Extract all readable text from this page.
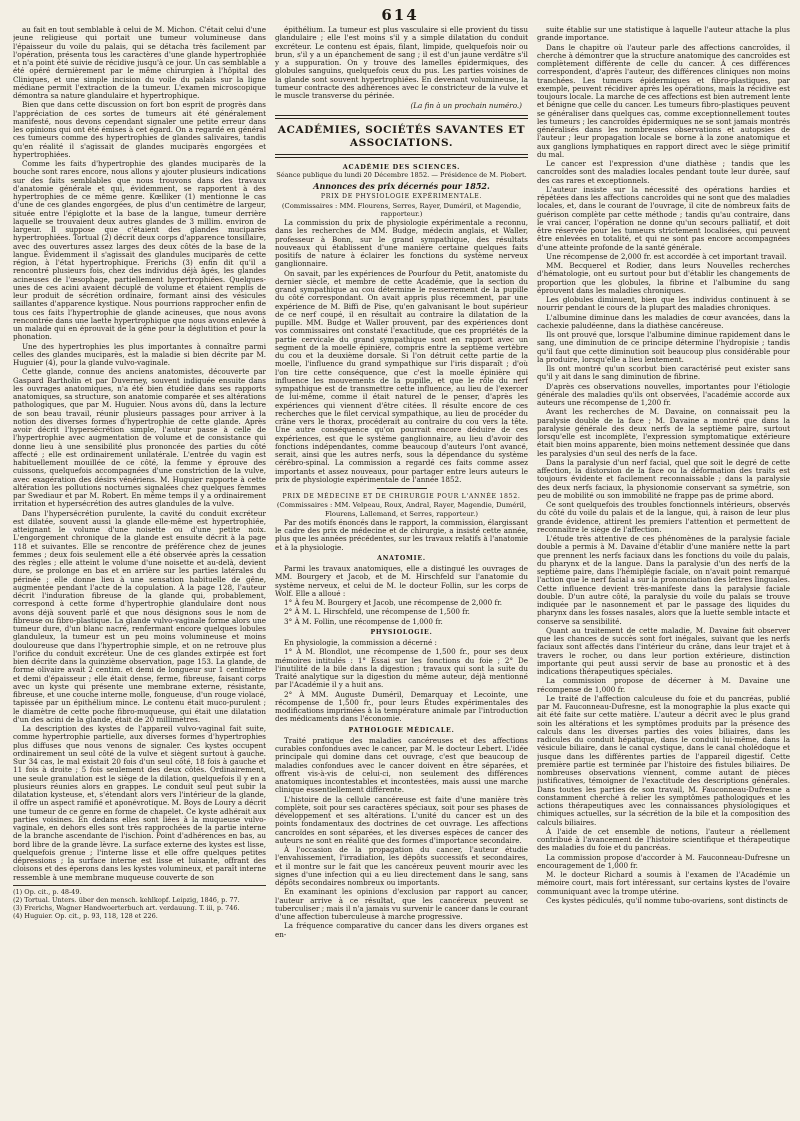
614

au fait en tout semblable à celui de M. Michon. C'était celui d'une jeune religieuse qui portait une tumeur volumineuse dans l'épaisseur du voile du palais, qui se détacha très facilement par l'opération, présenta tous les caractères d'une glande hypertrophiée et n'a point été suivie de récidive jusqu'à ce jour. Un cas semblable a été opéré dernièrement par le même chirurgien à l'hôpital des Cliniques, et une simple incision du voile du palais sur la ligne médiane permit l'extraction de la tumeur. L'examen microscopique démontra sa nature glandulaire et hypertrophique.

Bien que dans cette discussion on fort bon esprit de progrès dans l'appréciation de ces sortes de tumeurs ait été généralement manifesté, nous devons cependant signaler une petite erreur dans les opinions qui ont été émises à cet égard. On a regardé en général ces tumeurs comme des hypertrophies de glandes salivaires, tandis qu'en réalité il s'agissait de glandes muciparès engorgées et hypertrophiées.

Comme les faits d'hypertrophie des glandes muciparès de la bouche sont rares encore, nous allons y ajouter plusieurs indications sur des faits semblables que nous trouvons dans des travaux d'anatomie générale et qui, évidemment, se rapportent à des hypertrophies de ce même genre. Kœlliker (1) mentionne le cas d'une de ces glandes engorgées, de plus d'un centimètre de largeur, située entre l'épiglotte et la base de la langue, tumeur derrière laquelle se trouvaient deux autres glandes de 3 millim. environ de largeur. Il suppose que c'étaient des glandes muciparès hypertrophiées. Tortual (2) décrit deux corps d'apparence tonsillaire, avec des ouvertures assez larges des deux côtés de la base de la langue. Évidemment il s'agissait des glandules muciparès de cette région, à l'état hypertrophique. Frerichs (3) enfin dit qu'il a rencontré plusieurs fois, chez des individus déjà âgés, les glandes acineuses de l'œsophage, partiellement hypertrophiées. Quelques-unes de ces acini avaient décuplé de volume et étaient remplis de leur produit de sécrétion ordinaire, formant ainsi des vésicules saillantes d'apparence kystique. Nous pourrions rapprocher enfin de tous ces faits l'hypertrophie de glande acineuses, que nous avons rencontrée dans une laette hypertrophique que nous avons enlevée à un malade qui en éprouvait de la gêne pour la déglutition et pour la phonation.

Une des hypertrophies les plus importantes à connaître parmi celles des glandes muciparès, est la maladie si bien décrite par M. Huguier (4), pour la glande vulvo-vaginale.

Cette glande, connue des anciens anatomistes, découverte par Gaspard Bartholin et par Duverney, souvent indiquée ensuite dans les ouvrages anatomiques, n'a été bien étudiée dans ses rapports anatomiques, sa structure, son anatomie comparée et ses altérations pathologiques, que par M. Huguier. Nous avons dû, dans la lecture de son beau travail, réunir plusieurs passages pour arriver à la notion des diverses formes d'hypertrophie de cette glande. Après avoir décrit l'hypersécrétion simple, l'auteur passe à celle de l'hypertrophie avec augmentation de volume et de consistance qui donne lieu à une sensibilité plus prononcée des parties du côté affecté ; elle est ordinairement unilatérale. L'entrée du vagin est habituellement mouillée de ce côté, la femme y éprouve des cuissons, quelquefois accompagnées d'une constriction de la vulve, avec exagération des désirs vénériens. M. Huguier rapporte à cette altération les pollutions nocturnes signalées chez quelques femmes par Swediaur et par M. Robert. En même temps il y a ordinairement irritation et hypersécrétion des autres glandules de la vulve.

Dans l'hypersécrétion purulente, la cavité du conduit excréteur est dilatée, souvent aussi la glande elle-même est hypertrophiée, atteignant le volume d'une noisette ou d'une petite noix. L'engorgement chronique de la glande est ensuite décrit à la page 118 et suivantes. Elle se rencontre de préférence chez de jeunes femmes ; deux fois seulement elle a été observée après la cessation des règles ; elle atteint le volume d'une noisette et au-delà, devient dure, se prolonge en bas et en arrière sur les parties latérales du périnée ; elle donne lieu à une sensation habituelle de gêne, augmentée pendant l'acte de la copulation. À la page 128, l'auteur décrit l'induration fibreuse de la glande qui, probablement, correspond à cette forme d'hypertrophie glandulaire dont nous avons déjà souvent parlé et que nous désignons sous le nom de fibreuse ou fibro-plastique. La glande vulvo-vaginale forme alors une tumeur dure, d'un blanc nacré, renfermant encore quelques lobules glanduleux, la tumeur est un peu moins volumineuse et moins douloureuse que dans l'hypertrophie simple, et on ne retrouve plus l'orifice du conduit excréteur. Une de ces glandes extirpée est fort bien décrite dans la quinzième observation, page 153. La glande, de forme olivaire avait 2 centim. et demi de longueur sur 1 centimètre et demi d'épaisseur ; elle était dense, ferme, fibreuse, faisant corps avec un kyste qui présente une membrane externe, résistante, fibreuse, et une couche interne molle, fongueuse, d'un rouge violacé, tapissée par un épithélium mince. Le contenu était muco-purulent ; le diamètre de cette poche fibro-muqueuse, qui était une dilatation d'un des acini de la glande, était de 20 millimètres.

La description des kystes de l'appareil vulvo-vaginal fait suite, comme hypertrophie partielle, aux diverses formes d'hypertrophies plus diffuses que nous venons de signaler. Ces kystes occupent ordinairement un seul côté de la vulve et siègent surtout à gauche. Sur 34 cas, le mal existait 20 fois d'un seul côté, 18 fois à gauche et 11 fois à droite ; 5 fois seulement des deux côtés. Ordinairement, une seule granulation est le siège de la dilation, quelquefois il y en a plusieurs réunies alors en grappes. Le conduit seul peut subir la dilatation kysteuse, et, s'étendant alors vers l'intérieur de la glande, il offre un aspect ramifié et aponévrotique. M. Boys de Loury a décrit une tumeur de ce genre en forme de chapelet. Ce kyste adhérait aux parties voisines. En dedans elles sont liées à la muqueuse vulvo-vaginale, en dehors elles sont très rapprochées de la partie interne de la branche ascendante de l'ischion. Point d'adhérences en bas, au bord libre de la grande lèvre. La surface externe des kystes est lisse, quelquefois grenue ; l'interne lisse et elle offre quelques petites dépressions ; la surface interne est lisse et luisante, offrant des cloisons et des éperons dans les kystes volumineux, et paraît interne ressemble à une membrane muqueuse couverte de son

(1) Op. cit., p. 48-49.
(2) Tortual. Unters. über den mensch. kehlkopf. Leipzig, 1846, p. 77.
(3) Frerichs, Wagner Handwoerterbuch art. verdauung. T. iii, p. 746.
(4) Huguier. Op. cit., p. 93, 118, 128 et 226.

épithélium. La tumeur est plus vasculaire si elle provient du tissu glandulaire ; elle l'est moins s'il y a simple dilatation du conduit excréteur. Le contenu est épais, filant, limpide, quelquefois noir ou brun, s'il y a un épanchement de sang ; il est d'un jaune verdâtre s'il y a suppuration. On y trouve des lamelles épidermiques, des globules sanguins, quelquefois ceux du pus. Les parties voisines de la glande sont souvent hypertrophiées. En devenant volumineuse, la tumeur contracte des adhérences avec le constricteur de la vulve et le muscle transverse du périnée.

(La fin à un prochain numéro.)

ACADÉMIES, SOCIÉTÉS SAVANTES ET ASSOCIATIONS.
ACADÉMIE DES SCIENCES.
Séance publique du lundi 20 Décembre 1852. — Présidence de M. Piobert.
Annonces des prix décernés pour 1852.
PRIX DE PHYSIOLOGIE EXPÉRIMENTALE.

(Commissaires : MM. Flourens, Serres, Rayer, Duméril, et Magendie, rapporteur.)

La commission du prix de physiologie expérimentale a reconnu, dans les recherches de MM. Budge, médecin anglais, et Waller, professeur à Bonn, sur le grand sympathique, des résultats nouveaux qui établissent d'une manière certaine quelques faits positifs de nature à éclairer les fonctions du système nerveux ganglionnaire.

On savait, par les expériences de Pourfour du Petit, anatomiste du dernier siècle, et membre de cette Académie, que la section du grand sympathique au cou détermine le resserrement de la pupille du côté correspondant. On avait appris plus récemment, par une expérience de M. Biffi de Pise, qu'en galvanisant le bout supérieur de ce nerf coupé, il en résultait au contraire la dilatation de la pupille. MM. Budge et Waller prouvent, par des expériences dont vos commissaires ont constaté l'exactitude, que ces propriétés de la partie cervicale du grand sympathique sont en rapport avec un segment de la moelle épinière, compris entre la septième vertèbre du cou et la deuxième dorsale. Si l'on détruit cette partie de la moelle, l'influence du grand sympathique sur l'iris disparaît ; d'où l'on tire cette conséquence, que c'est la moelle épinière qui influence les mouvements de la pupille, et que le rôle du nerf sympathique est de transmettre cette influence, au lieu de l'exercer de lui-même, comme il était naturel de le penser, d'après les expériences qui viennent d'être citées. Il résulte encore de ces recherches que le filet cervical sympathique, au lieu de procéder du crâne vers le thorax, procéderait au contraire du cou vers la tête. Une autre conséquence qu'on pourrait encore déduire de ces expériences, est que le système ganglionnaire, au lieu d'avoir des fonctions indépendantes, comme beaucoup d'auteurs l'ont avancé, serait, ainsi que les autres nerfs, sous la dépendance du système cérébro-spinal. La commission a regardé ces faits comme assez importants et assez nouveaux, pour partager entre leurs auteurs le prix de physiologie expérimentale de l'année 1852.

PRIX DE MÉDECINE ET DE CHIRURGIE POUR L'ANNÉE 1852.

(Commissaires : MM. Velpeau, Roux, Andral, Rayer, Magendie, Duméril, Flourens, Lallemand, et Serres, rapporteur.)

Par des motifs énoncés dans le rapport, la commission, élargissant le cadre des prix de médecine et de chirurgie, a insisté cette année, plus que les années précédentes, sur les travaux relatifs à l'anatomie et à la physiologie.

ANATOMIE.

Parmi les travaux anatomiques, elle a distingué les ouvrages de MM. Bourgery et Jacob, et de M. Hirschfeld sur l'anatomie du système nerveux, et celui de M. le docteur Follin, sur les corps de Wolf. Elle a alloué :

1° À feu M. Bourgery et Jacob, une récompense de 2,000 fr.

2° À M. L. Hirschfeld, une récompense de 1,500 fr.

3° À M. Follin, une récompense de 1,000 fr.

PHYSIOLOGIE.

En physiologie, la commission a décerné :

1° À M. Blondlot, une récompense de 1,500 fr., pour ses deux mémoires intitulés : 1° Essai sur les fonctions du foie ; 2° De l'inutilité de la bile dans la digestion ; travaux qui sont la suite du Traité analytique sur la digestion du même auteur, déjà mentionné par l'Académie il y a huit ans.

2° À MM. Auguste Duméril, Demarquay et Lecointe, une récompense de 1,500 fr., pour leurs Études expérimentales des modifications imprimées à la température animale par l'introduction des médicaments dans l'économie.

PATHOLOGIE MÉDICALE.

Traité pratique des maladies cancéreuses et des affections curables confondues avec le cancer, par M. le docteur Lebert. L'idée principale qui domine dans cet ouvrage, c'est que beaucoup de maladies confondues avec le cancer doivent en être séparées, et offrent vis-à-vis de celui-ci, non seulement des différences anatomiques incontestables et incontestées, mais aussi une marche clinique essentiellement différente.

L'histoire de la cellule cancéreuse est faite d'une manière très complète, soit pour ses caractères spéciaux, soit pour ses phases de développement et ses altérations. L'unité du cancer est un des points fondamentaux des doctrines de cet ouvrage. Les affections cancroïdes en sont séparées, et les diverses espèces de cancer des auteurs ne sont en réalité que des formes d'importance secondaire.

À l'occasion de la propagation du cancer, l'auteur étudie l'envahissement, l'irradiation, les dépôts successifs et secondaires, et il montre sur le fait que les cancéreux peuvent mourir avec les signes d'une infection qui a eu lieu directement dans le sang, sans dépôts secondaires nombreux ou importants.

En examinant les opinions d'exclusion par rapport au cancer, l'auteur arrive à ce résultat, que les cancéreux peuvent se tuberculiser ; mais il n'a jamais vu survenir le cancer dans le courant d'une affection tuberculeuse à marche progressive.

La fréquence comparative du cancer dans les divers organes est en-

suite établie sur une statistique à laquelle l'auteur attache la plus grande importance.

Dans le chapitre où l'auteur parle des affections cancroïdes, il cherche à démontrer que la structure anatomique des cancroïdes est complètement différente de celle du cancer. À ces différences correspondent, d'après l'auteur, des différences cliniques non moins tranchées. Les tumeurs épidermiques et fibro-plastiques, par exemple, peuvent récidiver après les opérations, mais la récidive est toujours locale. La marche de ces affections est bien autrement lente et bénigne que celle du cancer. Les tumeurs fibro-plastiques peuvent se généraliser dans quelques cas, comme exceptionnellement toutes les tumeurs ; les cancroïdes épidermiques ne se sont jamais montrés généralisés dans les nombreuses observations et autopsies de l'auteur ; leur propagation locale se borne à la zone anatomique et aux ganglions lymphatiques en rapport direct avec le siège primitif du mal.

Le cancer est l'expression d'une diathèse ; tandis que les cancroïdes sont des maladies locales pendant toute leur durée, sauf des cas rares et exceptionnels.

L'auteur insiste sur la nécessité des opérations hardies et répétées dans les affections cancroïdes qui ne sont que des maladies locales, et, dans le courant de l'ouvrage, il cite de nombreux faits de guérison complète par cette méthode ; tandis qu'au contraire, dans le vrai cancer, l'opération ne donne qu'un secours palliatif, et doit être réservée pour les tumeurs strictement localisées, qui peuvent être enlevées en totalité, et qui ne sont pas encore accompagnées d'une atteinte profonde de la santé générale.

Une récompense de 2,000 fr. est accordée à cet important travail.

MM. Becquerel et Rodier, dans leurs Nouvelles recherches d'hématologie, ont eu surtout pour but d'établir les changements de proportion que les globules, la fibrine et l'albumine du sang éprouvent dans les maladies chroniques.

Les globules diminuent, bien que les individus continuent à se nourrir pendant le cours de la plupart des maladies chroniques.

L'albumine diminue dans les maladies de cœur avancées, dans la cachexie paludéenne, dans la diathèse cancéreuse.

Ils ont prouvé que, lorsque l'albumine diminue rapidement dans le sang, une diminution de ce principe détermine l'hydropisie ; tandis qu'il faut que cette diminution soit beaucoup plus considérable pour la produire, lorsqu'elle a lieu lentement.

Ils ont montré qu'un scorbut bien caractérisé peut exister sans qu'il y ait dans le sang diminution de fibrine.

D'après ces observations nouvelles, importantes pour l'étiologie générale des maladies qu'ils ont observées, l'académie accorde aux auteurs une récompense de 1,200 fr.

Avant les recherches de M. Davaine, on connaissait peu la paralysie double de la face ; M. Davaine a montré que dans la paralysie générale des deux nerfs de la septième paire, surtout lorsqu'elle est incomplète, l'expression symptomatique extérieure était bien moins apparente, bien moins nettement dessinée que dans les paralysies d'un seul des nerfs de la face.

Dans la paralysie d'un nerf facial, quel que soit le degré de cette affection, la distorsion de la face ou la déformation des traits est toujours évidente et facilement reconnaissable ; dans la paralysie des deux nerfs faciaux, la physionomie conservant sa symétrie, son peu de mobilité ou son immobilité ne frappe pas de prime abord.

Ce sont quelquefois des troubles fonctionnels intérieurs, observés du côté du voile du palais et de la langue, qui, à raison de leur plus grande évidence, attirent les premiers l'attention et permettent de reconnaître le siège de l'affection.

L'étude très attentive de ces phénomènes de la paralysie faciale double a permis à M. Davaine d'établir d'une manière nette la part que prennent les nerfs faciaux dans les fonctions du voile du palais, du pharynx et de la langue. Dans la paralysie d'un des nerfs de la septième paire, dans l'hémiplégie faciale, on n'avait point remarqué l'action que le nerf facial a sur la prononciation des lettres linguales. Cette influence devient très-manifeste dans la paralysie faciale double. D'un autre côté, la paralysie du voile du palais se trouve indiquée par le nasonnement et par le passage des liquides du pharynx dans les fosses nasales, alors que la luette semble intacte et conserve sa sensibilité.

Quant au traitement de cette maladie, M. Davaine fait observer que les chances de succès sont fort inégales, suivant que les nerfs faciaux sont affectés dans l'intérieur du crâne, dans leur trajet et à travers le rocher, ou dans leur portion extérieure, distinction importante qui peut aussi servir de base au pronostic et à des indications thérapeutiques spéciales.

La commission propose de décerner à M. Davaine une récompense de 1,000 fr.

Le traité de l'affection calculeuse du foie et du pancréas, publié par M. Fauconneau-Dufresne, est la monographie la plus exacte qui ait été faite sur cette matière. L'auteur a décrit avec le plus grand soin les altérations et les symptômes produits par la présence des calculs dans les diverses parties des voies biliaires, dans les radicules du conduit hépatique, dans le conduit lui-même, dans la vésicule biliaire, dans le canal cystique, dans le canal cholédoque et jusque dans les différentes parties de l'appareil digestif. Cette première partie est terminée par l'histoire des fistules biliaires. De nombreuses observations viennent, comme autant de pièces justificatives, témoigner de l'exactitude des descriptions générales. Dans toutes les parties de son travail, M. Fauconneau-Dufresne a constamment cherché à relier les symptômes pathologiques et les actions thérapeutiques avec les connaissances physiologiques et chimiques actuelles, sur la sécrétion de la bile et la composition des calculs biliaires.

À l'aide de cet ensemble de notions, l'auteur a réellement contribué à l'avancement de l'histoire scientifique et thérapeutique des maladies du foie et du pancréas.

La commission propose d'accorder à M. Fauconneau-Dufresne un encouragement de 1,000 fr.

M. le docteur Richard a soumis à l'examen de l'Académie un mémoire court, mais fort intéressant, sur certains kystes de l'ovaire communiquant avec la trompe utérine.

Ces kystes pédiculés, qu'il nomme tubo-ovariens, sont distincts de
